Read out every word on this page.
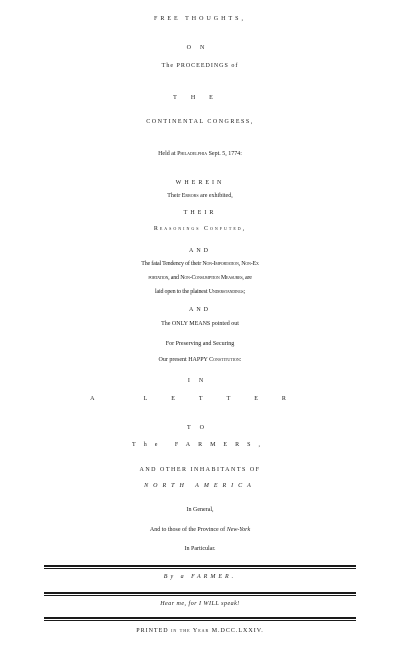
FREE THOUGHTS,
ON
The PROCEEDINGS of
THE
CONTINENTAL CONGRESS,
Held at Philadelphia Sept. 5, 1774:
WHEREIN
Their Errors are exhibited,
THEIR
Reasonings Confuted,
AND
The fatal Tendency of their Non-Importation, Non-Ex
portation, and Non-Consumption Measures, are
laid open to the plainest Understandings;
AND
The ONLY MEANS pointed out
For Preserving and Securing
Our present HAPPY Constitution:
IN
A LETTER
TO
The FARMERS,
AND OTHER INHABITANTS OF
NORTH AMERICA
In General,
And to those of the Province of New-York
In Particular.
By a FARMER.
Hear me, for I WILL speak!
PRINTED in the Year M.DCC.LXXIV.
